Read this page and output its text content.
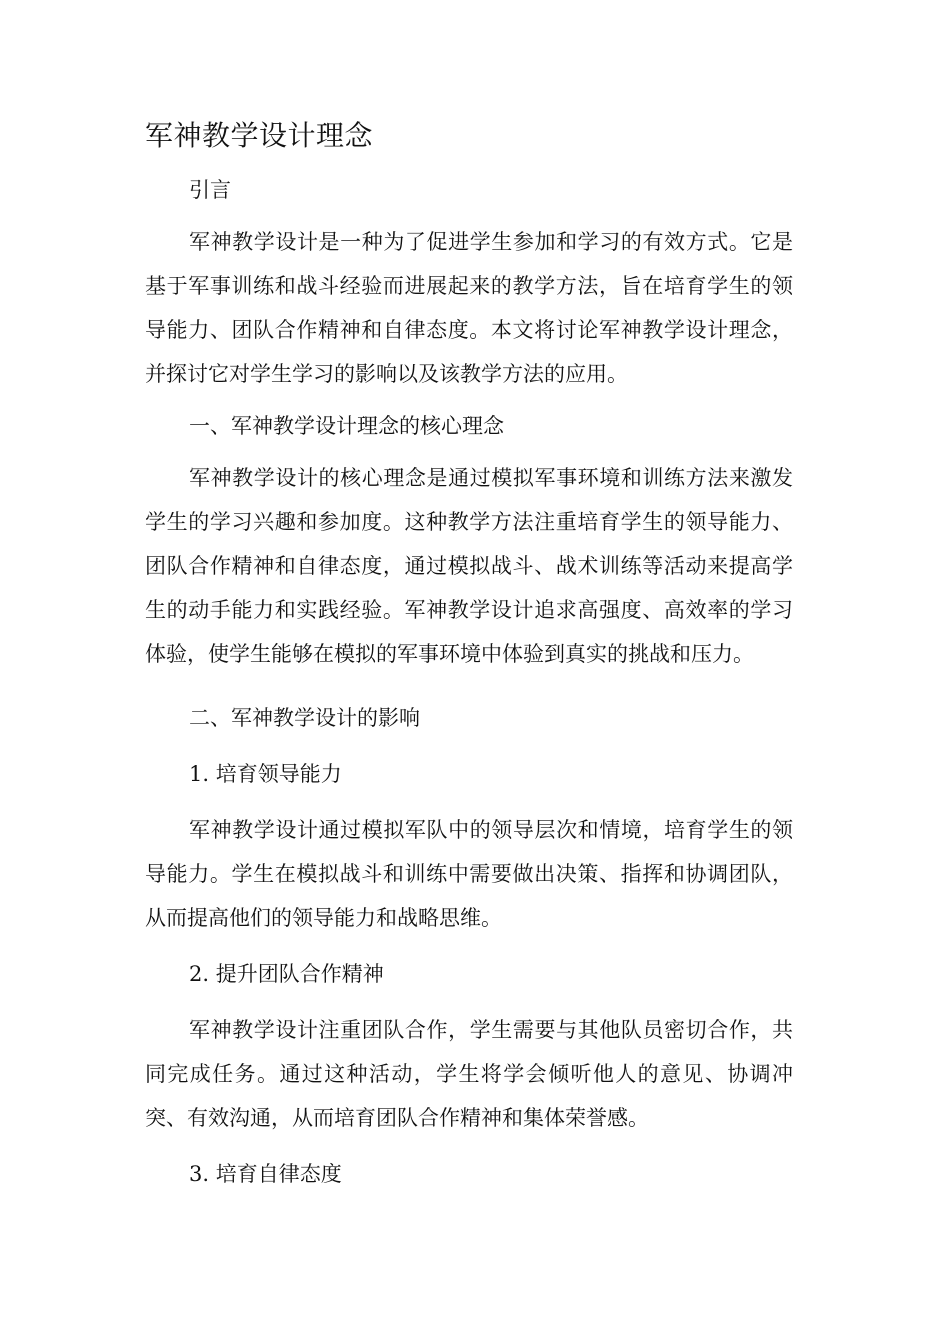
军神教学设计理念

引言

军神教学设计是一种为了促进学生参加和学习的有效方式。它是基于军事训练和战斗经验而进展起来的教学方法，旨在培育学生的领导能力、团队合作精神和自律态度。本文将讨论军神教学设计理念，并探讨它对学生学习的影响以及该教学方法的应用。

一、军神教学设计理念的核心理念

军神教学设计的核心理念是通过模拟军事环境和训练方法来激发学生的学习兴趣和参加度。这种教学方法注重培育学生的领导能力、团队合作精神和自律态度，通过模拟战斗、战术训练等活动来提高学生的动手能力和实践经验。军神教学设计追求高强度、高效率的学习体验，使学生能够在模拟的军事环境中体验到真实的挑战和压力。

二、军神教学设计的影响

1. 培育领导能力

军神教学设计通过模拟军队中的领导层次和情境，培育学生的领导能力。学生在模拟战斗和训练中需要做出决策、指挥和协调团队，从而提高他们的领导能力和战略思维。

2. 提升团队合作精神

军神教学设计注重团队合作，学生需要与其他队员密切合作，共同完成任务。通过这种活动，学生将学会倾听他人的意见、协调冲突、有效沟通，从而培育团队合作精神和集体荣誉感。

3. 培育自律态度
